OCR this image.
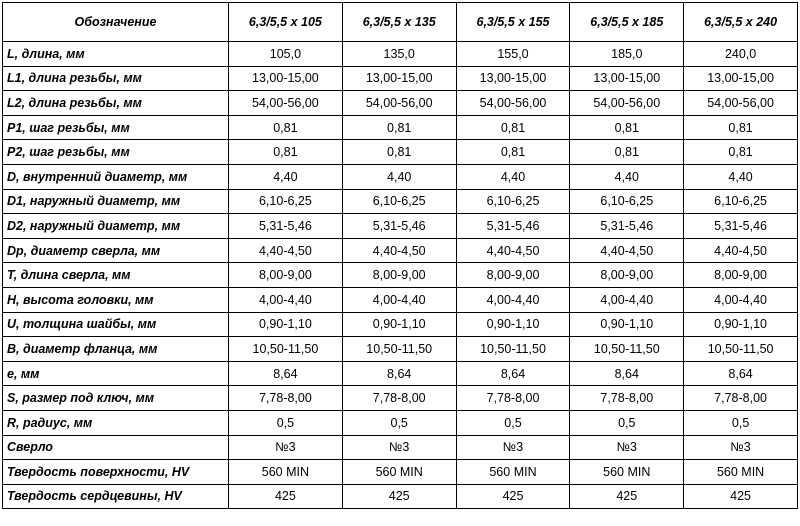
Обозначение	6,3/5,5 х 105	6,3/5,5 х 135	6,3/5,5 х 155	6,3/5,5 х 185	6,3/5,5 х 240
L, длина, мм	105,0	135,0	155,0	185,0	240,0
L1, длина резьбы, мм	13,00-15,00	13,00-15,00	13,00-15,00	13,00-15,00	13,00-15,00
L2, длина резьбы, мм	54,00-56,00	54,00-56,00	54,00-56,00	54,00-56,00	54,00-56,00
P1, шаг резьбы, мм	0,81	0,81	0,81	0,81	0,81
P2, шаг резьбы, мм	0,81	0,81	0,81	0,81	0,81
D, внутренний диаметр, мм	4,40	4,40	4,40	4,40	4,40
D1, наружный диаметр, мм	6,10-6,25	6,10-6,25	6,10-6,25	6,10-6,25	6,10-6,25
D2, наружный диаметр, мм	5,31-5,46	5,31-5,46	5,31-5,46	5,31-5,46	5,31-5,46
Dp, диаметр сверла, мм	4,40-4,50	4,40-4,50	4,40-4,50	4,40-4,50	4,40-4,50
T, длина сверла, мм	8,00-9,00	8,00-9,00	8,00-9,00	8,00-9,00	8,00-9,00
H, высота головки, мм	4,00-4,40	4,00-4,40	4,00-4,40	4,00-4,40	4,00-4,40
U, толщина шайбы, мм	0,90-1,10	0,90-1,10	0,90-1,10	0,90-1,10	0,90-1,10
B, диаметр фланца, мм	10,50-11,50	10,50-11,50	10,50-11,50	10,50-11,50	10,50-11,50
e, мм	8,64	8,64	8,64	8,64	8,64
S, размер под ключ, мм	7,78-8,00	7,78-8,00	7,78-8,00	7,78-8,00	7,78-8,00
R, радиус, мм	0,5	0,5	0,5	0,5	0,5
Сверло	№3	№3	№3	№3	№3
Твердость поверхности, HV	560 MIN	560 MIN	560 MIN	560 MIN	560 MIN
Твердость сердцевины, HV	425	425	425	425	425
